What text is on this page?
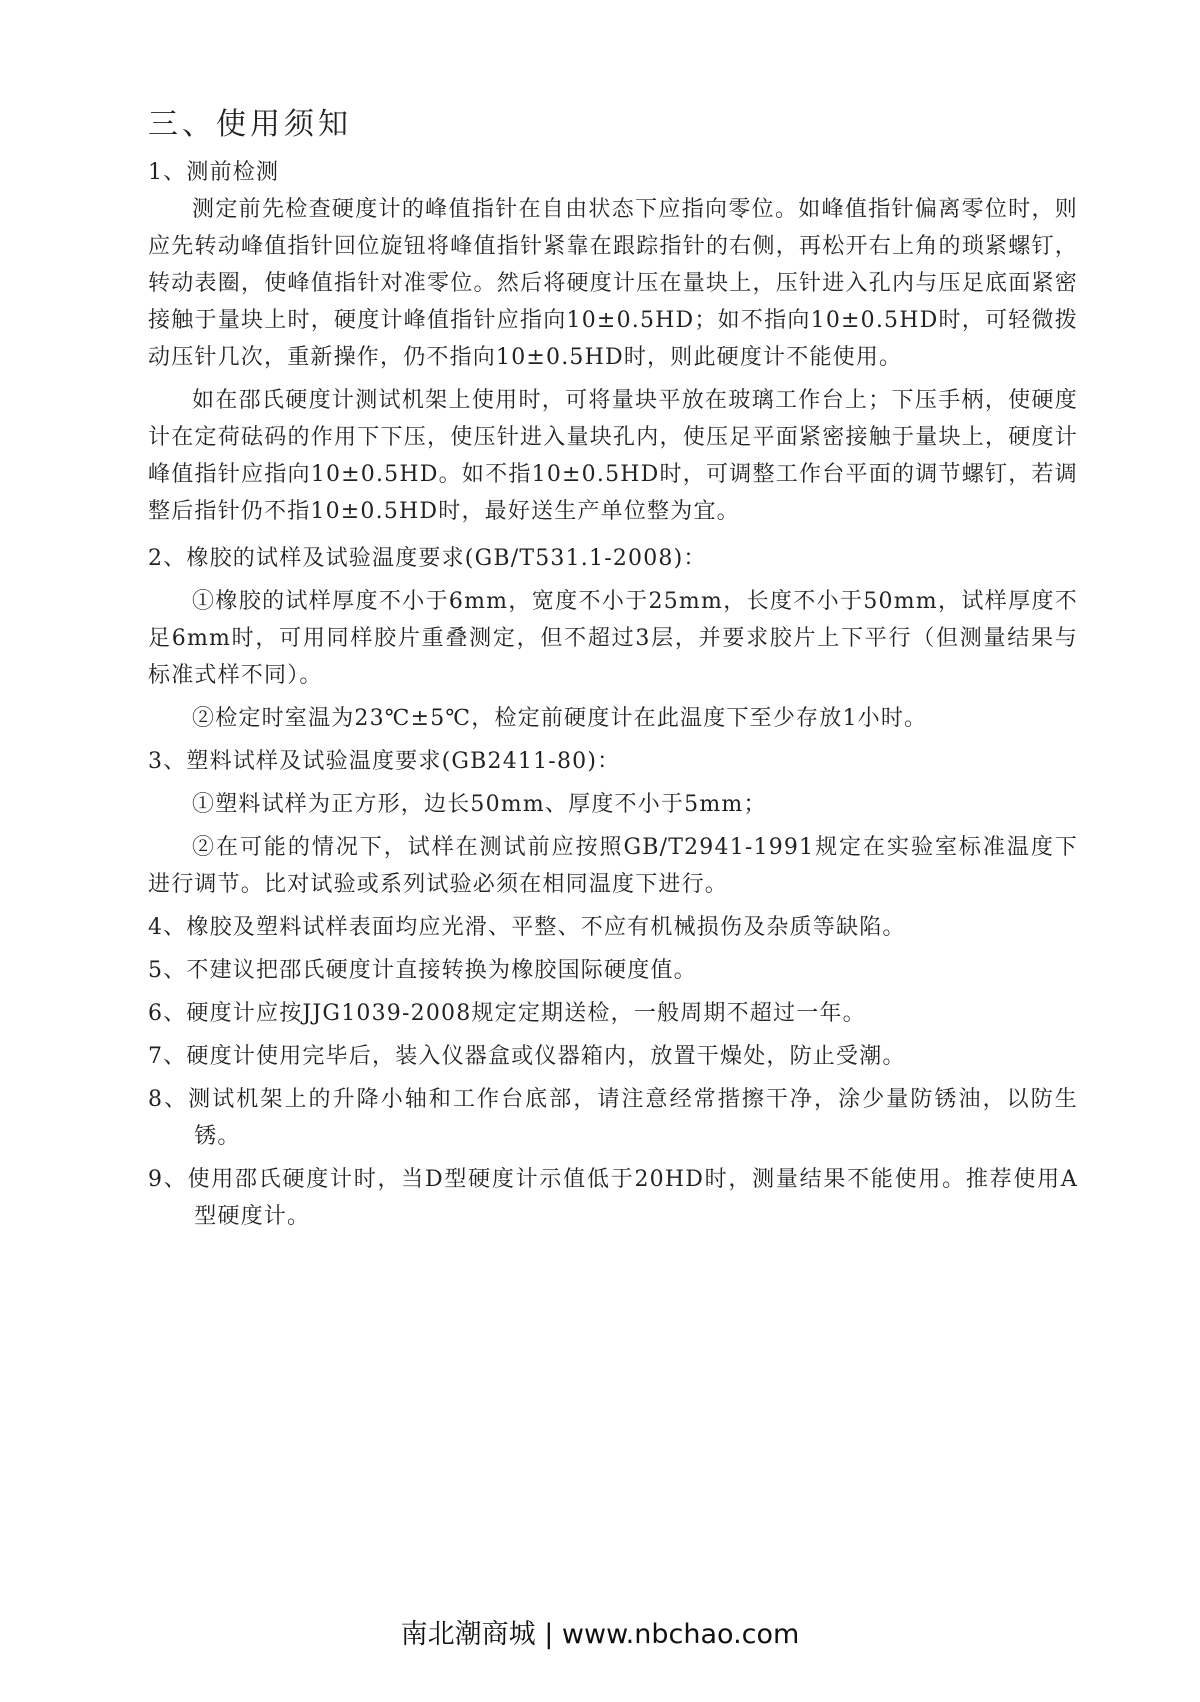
三、使用须知

1、测前检测

测定前先检查硬度计的峰值指针在自由状态下应指向零位。如峰值指针偏离零位时，则应先转动峰值指针回位旋钮将峰值指针紧靠在跟踪指针的右侧，再松开右上角的琐紧螺钉，转动表圈，使峰值指针对准零位。然后将硬度计压在量块上，压针进入孔内与压足底面紧密接触于量块上时，硬度计峰值指针应指向10±0.5HD；如不指向10±0.5HD时，可轻微拨动压针几次，重新操作，仍不指向10±0.5HD时，则此硬度计不能使用。

如在邵氏硬度计测试机架上使用时，可将量块平放在玻璃工作台上；下压手柄，使硬度计在定荷砝码的作用下下压，使压针进入量块孔内，使压足平面紧密接触于量块上，硬度计峰值指针应指向10±0.5HD。如不指10±0.5HD时，可调整工作台平面的调节螺钉，若调整后指针仍不指10±0.5HD时，最好送生产单位整为宜。

2、橡胶的试样及试验温度要求(GB/T531.1-2008)：

①橡胶的试样厚度不小于6mm，宽度不小于25mm，长度不小于50mm，试样厚度不足6mm时，可用同样胶片重叠测定，但不超过3层，并要求胶片上下平行（但测量结果与标准式样不同）。

②检定时室温为23℃±5℃，检定前硬度计在此温度下至少存放1小时。

3、塑料试样及试验温度要求(GB2411-80)：

①塑料试样为正方形，边长50mm、厚度不小于5mm；

②在可能的情况下，试样在测试前应按照GB/T2941-1991规定在实验室标准温度下进行调节。比对试验或系列试验必须在相同温度下进行。

4、橡胶及塑料试样表面均应光滑、平整、不应有机械损伤及杂质等缺陷。

5、不建议把邵氏硬度计直接转换为橡胶国际硬度值。

6、硬度计应按JJG1039-2008规定定期送检，一般周期不超过一年。

7、硬度计使用完毕后，装入仪器盒或仪器箱内，放置干燥处，防止受潮。

8、测试机架上的升降小轴和工作台底部，请注意经常揩擦干净，涂少量防锈油，以防生锈。

9、使用邵氏硬度计时，当D型硬度计示值低于20HD时，测量结果不能使用。推荐使用A型硬度计。

南北潮商城 | www.nbchao.com
